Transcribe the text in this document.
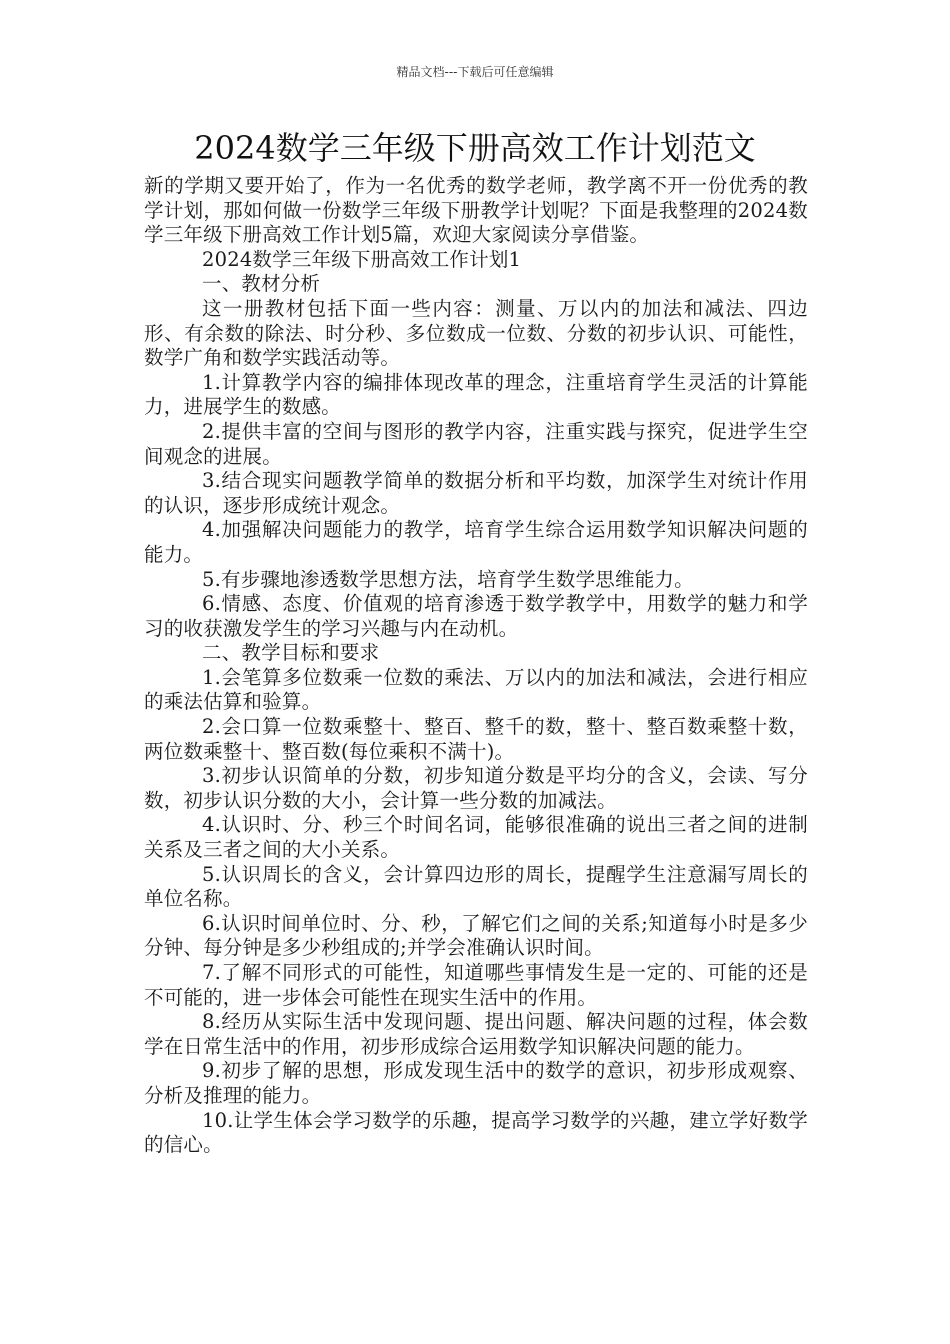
精品文档---下载后可任意编辑
2024数学三年级下册高效工作计划范文

新的学期又要开始了，作为一名优秀的数学老师，教学离不开一份优秀的教学计划，那如何做一份数学三年级下册教学计划呢？下面是我整理的2024数学三年级下册高效工作计划5篇，欢迎大家阅读分享借鉴。

2024数学三年级下册高效工作计划1

一、教材分析

这一册教材包括下面一些内容：测量、万以内的加法和减法、四边形、有余数的除法、时分秒、多位数成一位数、分数的初步认识、可能性，数学广角和数学实践活动等。

1.计算教学内容的编排体现改革的理念，注重培育学生灵活的计算能力，进展学生的数感。

2.提供丰富的空间与图形的教学内容，注重实践与探究，促进学生空间观念的进展。

3.结合现实问题教学简单的数据分析和平均数，加深学生对统计作用的认识，逐步形成统计观念。

4.加强解决问题能力的教学，培育学生综合运用数学知识解决问题的能力。

5.有步骤地渗透数学思想方法，培育学生数学思维能力。

6.情感、态度、价值观的培育渗透于数学教学中，用数学的魅力和学习的收获激发学生的学习兴趣与内在动机。

二、教学目标和要求

1.会笔算多位数乘一位数的乘法、万以内的加法和减法，会进行相应的乘法估算和验算。

2.会口算一位数乘整十、整百、整千的数，整十、整百数乘整十数，两位数乘整十、整百数(每位乘积不满十)。

3.初步认识简单的分数，初步知道分数是平均分的含义，会读、写分数，初步认识分数的大小，会计算一些分数的加减法。

4.认识时、分、秒三个时间名词，能够很准确的说出三者之间的进制关系及三者之间的大小关系。

5.认识周长的含义，会计算四边形的周长，提醒学生注意漏写周长的单位名称。

6.认识时间单位时、分、秒，了解它们之间的关系;知道每小时是多少分钟、每分钟是多少秒组成的;并学会准确认识时间。

7.了解不同形式的可能性，知道哪些事情发生是一定的、可能的还是不可能的，进一步体会可能性在现实生活中的作用。

8.经历从实际生活中发现问题、提出问题、解决问题的过程，体会数学在日常生活中的作用，初步形成综合运用数学知识解决问题的能力。

9.初步了解的思想，形成发现生活中的数学的意识，初步形成观察、分析及推理的能力。

10.让学生体会学习数学的乐趣，提高学习数学的兴趣，建立学好数学的信心。
